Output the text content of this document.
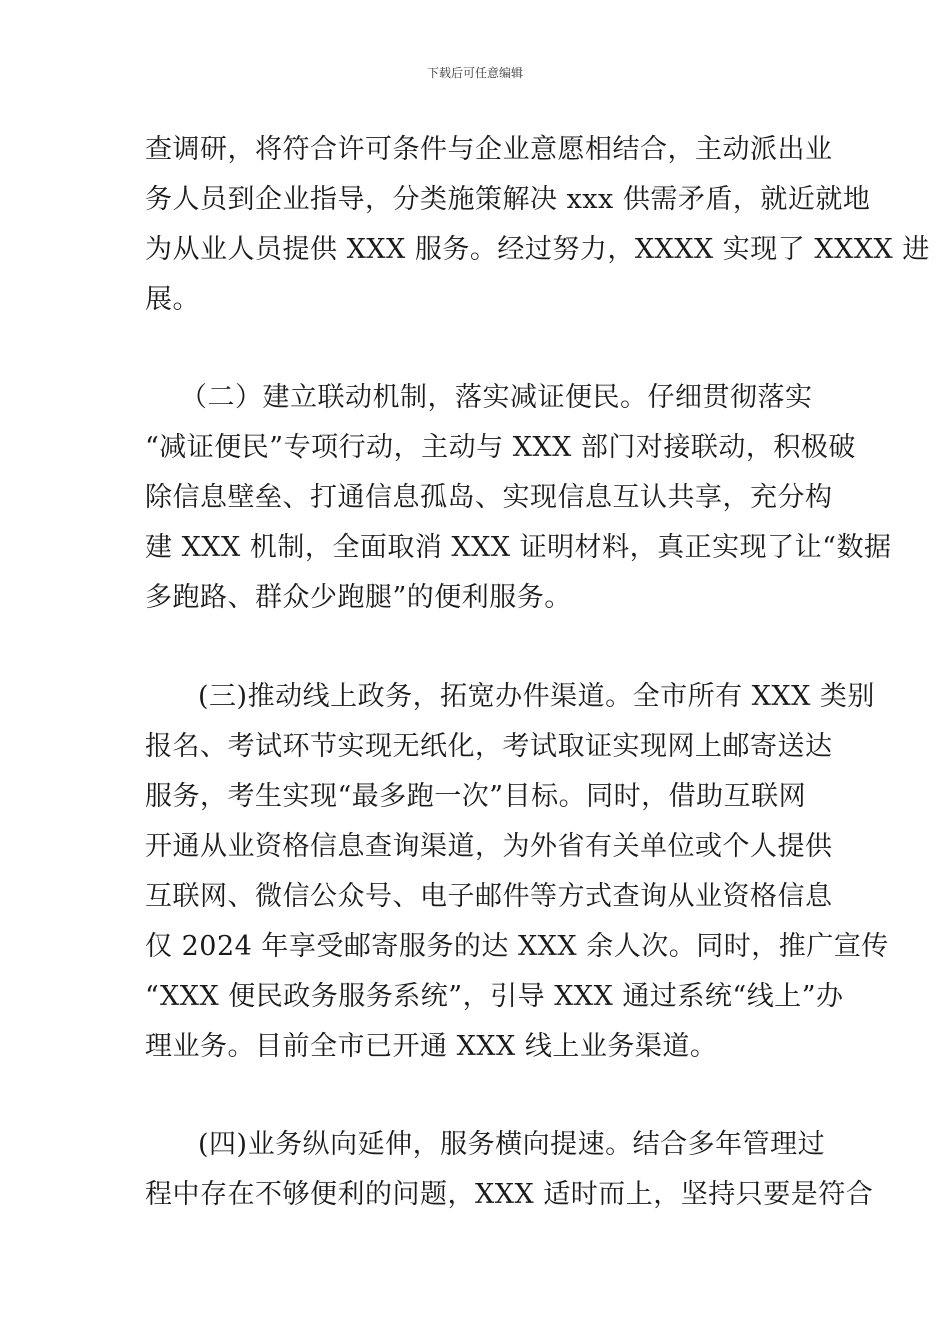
下载后可任意编辑
查调研，将符合许可条件与企业意愿相结合，主动派出业
务人员到企业指导，分类施策解决 xxx 供需矛盾，就近就地
为从业人员提供 XXX 服务。经过努力，XXXX 实现了 XXXX 进
展。
（二）建立联动机制，落实减证便民。仔细贯彻落实
“减证便民”专项行动，主动与 XXX 部门对接联动，积极破
除信息壁垒、打通信息孤岛、实现信息互认共享，充分构
建 XXX 机制，全面取消 XXX 证明材料，真正实现了让“数据
多跑路、群众少跑腿”的便利服务。
(三)推动线上政务，拓宽办件渠道。全市所有 XXX 类别
报名、考试环节实现无纸化，考试取证实现网上邮寄送达
服务，考生实现“最多跑一次”目标。同时，借助互联网
开通从业资格信息查询渠道，为外省有关单位或个人提供
互联网、微信公众号、电子邮件等方式查询从业资格信息
仅 2024 年享受邮寄服务的达 XXX 余人次。同时，推广宣传
“XXX 便民政务服务系统”，引导 XXX 通过系统“线上”办
理业务。目前全市已开通 XXX 线上业务渠道。
(四)业务纵向延伸，服务横向提速。结合多年管理过
程中存在不够便利的问题，XXX 适时而上，坚持只要是符合
